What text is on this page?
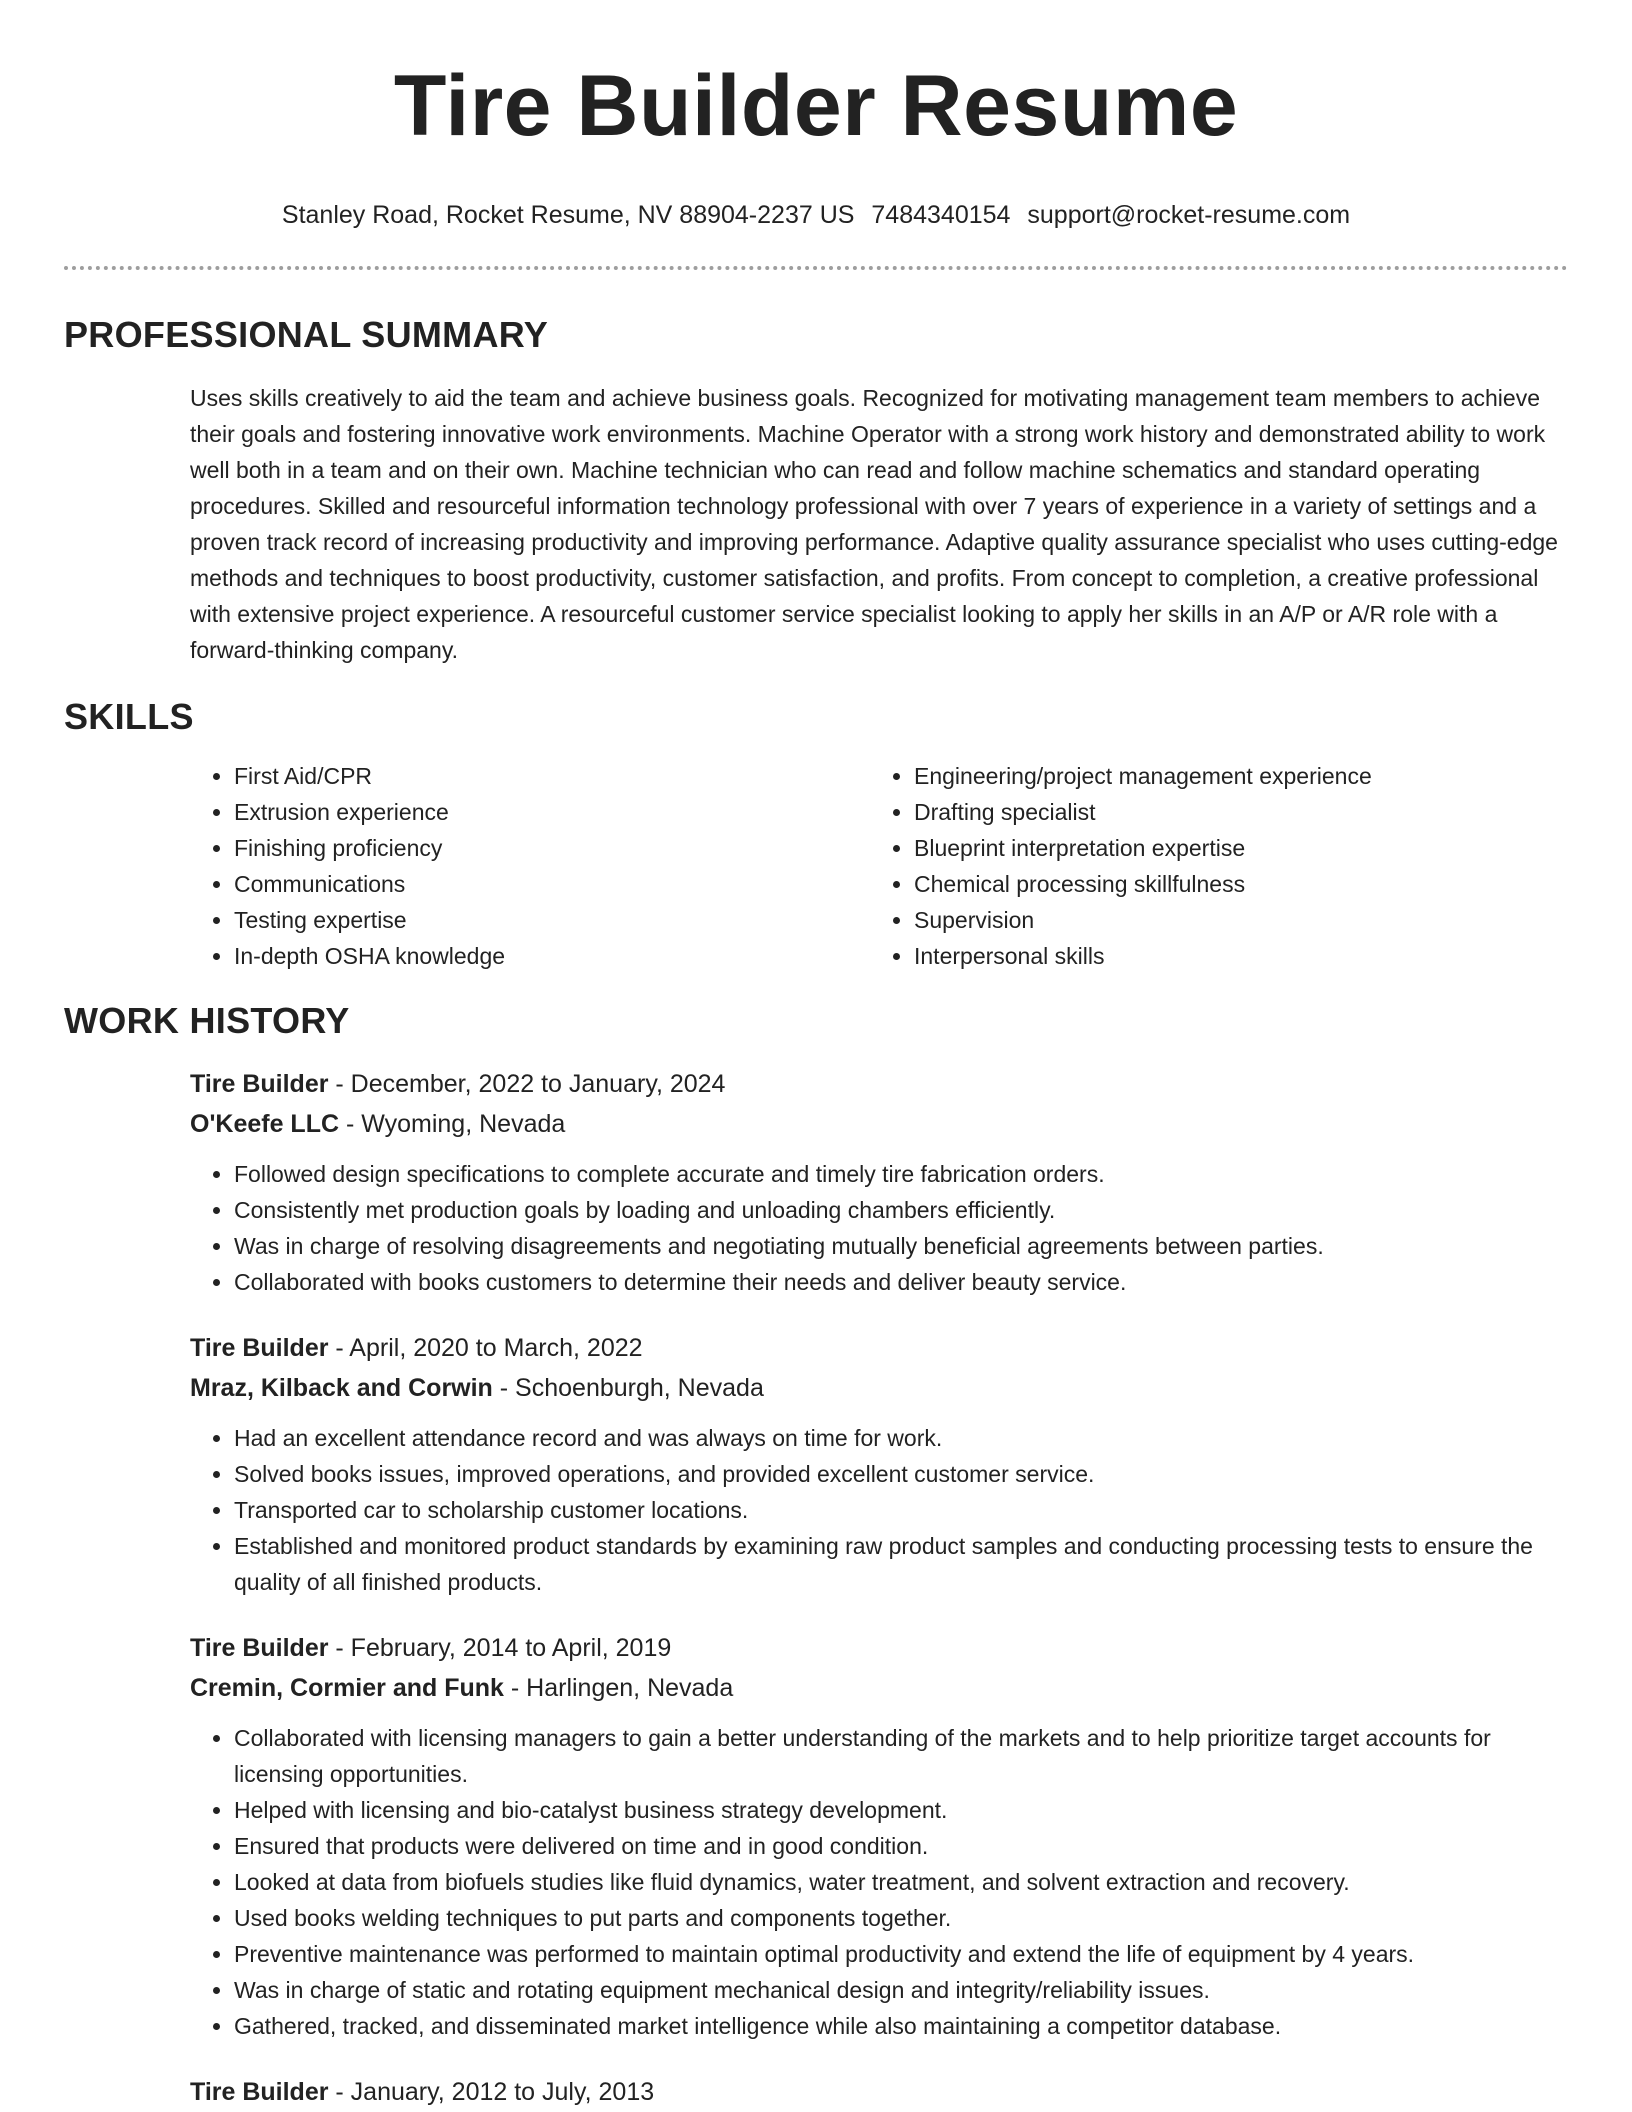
Tire Builder Resume
Stanley Road, Rocket Resume, NV 88904-2237 US 7484340154 support@rocket-resume.com
PROFESSIONAL SUMMARY

Uses skills creatively to aid the team and achieve business goals. Recognized for motivating management team members to achieve their goals and fostering innovative work environments. Machine Operator with a strong work history and demonstrated ability to work well both in a team and on their own. Machine technician who can read and follow machine schematics and standard operating procedures. Skilled and resourceful information technology professional with over 7 years of experience in a variety of settings and a proven track record of increasing productivity and improving performance. Adaptive quality assurance specialist who uses cutting-edge methods and techniques to boost productivity, customer satisfaction, and profits. From concept to completion, a creative professional with extensive project experience. A resourceful customer service specialist looking to apply her skills in an A/P or A/R role with a forward-thinking company.

SKILLS
• First Aid/CPR
• Extrusion experience
• Finishing proficiency
• Communications
• Testing expertise
• In-depth OSHA knowledge
• Engineering/project management experience
• Drafting specialist
• Blueprint interpretation expertise
• Chemical processing skillfulness
• Supervision
• Interpersonal skills
WORK HISTORY
Tire Builder - December, 2022 to January, 2024
O'Keefe LLC - Wyoming, Nevada
• Followed design specifications to complete accurate and timely tire fabrication orders.
• Consistently met production goals by loading and unloading chambers efficiently.
• Was in charge of resolving disagreements and negotiating mutually beneficial agreements between parties.
• Collaborated with books customers to determine their needs and deliver beauty service.
Tire Builder - April, 2020 to March, 2022
Mraz, Kilback and Corwin - Schoenburgh, Nevada
• Had an excellent attendance record and was always on time for work.
• Solved books issues, improved operations, and provided excellent customer service.
• Transported car to scholarship customer locations.
• Established and monitored product standards by examining raw product samples and conducting processing tests to ensure the quality of all finished products.
Tire Builder - February, 2014 to April, 2019
Cremin, Cormier and Funk - Harlingen, Nevada
• Collaborated with licensing managers to gain a better understanding of the markets and to help prioritize target accounts for licensing opportunities.
• Helped with licensing and bio-catalyst business strategy development.
• Ensured that products were delivered on time and in good condition.
• Looked at data from biofuels studies like fluid dynamics, water treatment, and solvent extraction and recovery.
• Used books welding techniques to put parts and components together.
• Preventive maintenance was performed to maintain optimal productivity and extend the life of equipment by 4 years.
• Was in charge of static and rotating equipment mechanical design and integrity/reliability issues.
• Gathered, tracked, and disseminated market intelligence while also maintaining a competitor database.
Tire Builder - January, 2012 to July, 2013
